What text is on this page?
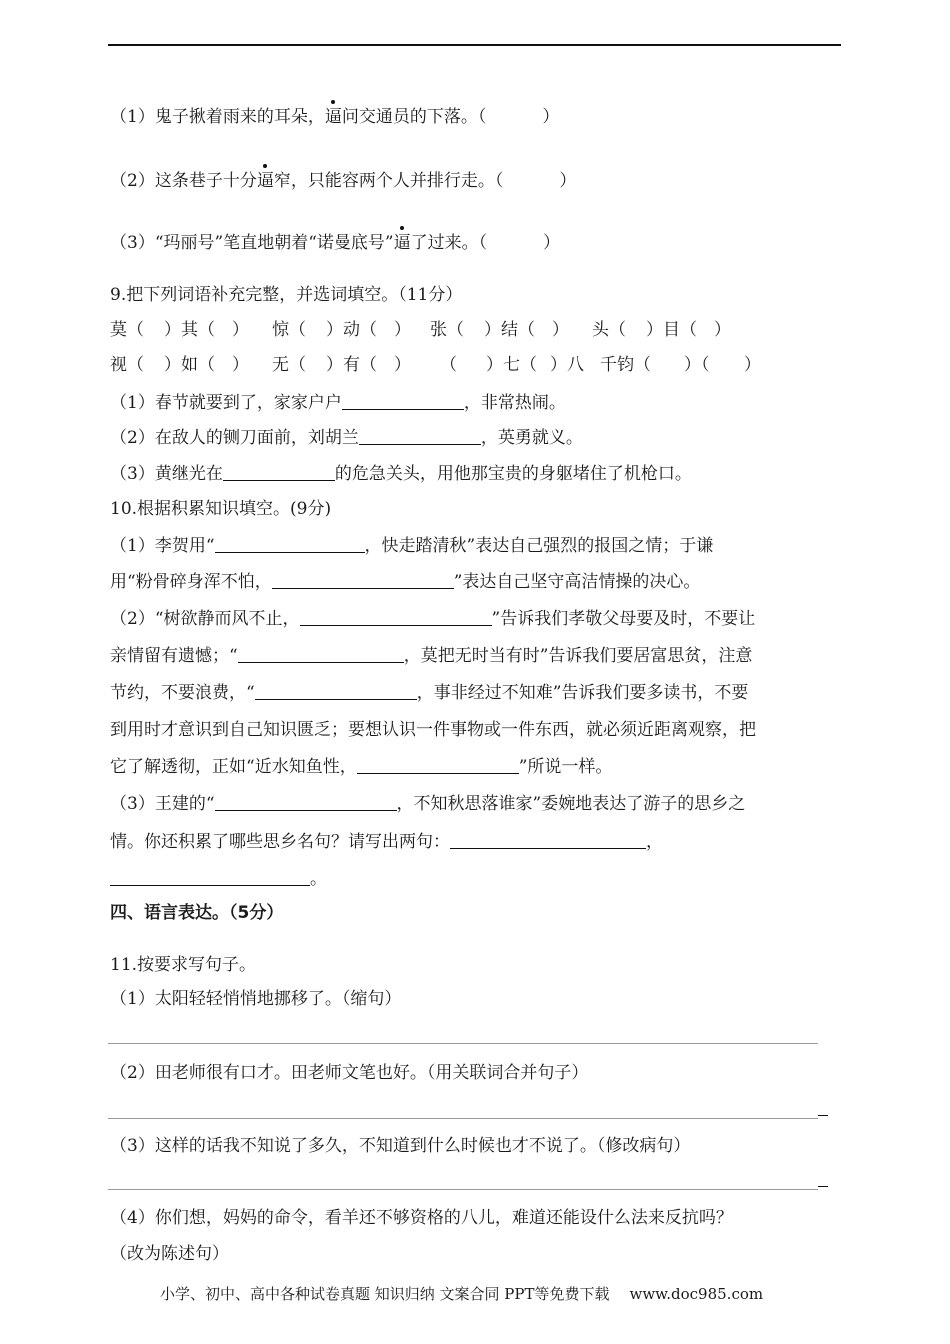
（1）鬼子揪着雨来的耳朵，逼问交通员的下落。（	）
（2）这条巷子十分逼窄，只能容两个人并排行走。（	）
（3）“玛丽号”笔直地朝着“诺曼底号”逼了过来。（	）
9.把下列词语补充完整，并选词填空。（11分）
莫（ ）其（ ） 惊（ ）动（ ） 张（ ）结（ ） 头（ ）目（ ）
视（ ）如（ ） 无（ ）有（ ） （ ）七（ ）八 千钧（ ）（ ）
（1）春节就要到了，家家户户	，非常热闹。
（2）在敌人的铡刀面前，刘胡兰	，英勇就义。
（3）黄继光在	的危急关头，用他那宝贵的身躯堵住了机枪口。
10.根据积累知识填空。(9分)
（1）李贺用“	，快走踏清秋”表达自己强烈的报国之情；于谦
用“粉骨碎身浑不怕，	”表达自己坚守高洁情操的决心。
（2）“树欲静而风不止，	”告诉我们孝敬父母要及时，不要让
亲情留有遗憾；“	，莫把无时当有时”告诉我们要居富思贫，注意
节约，不要浪费，“	，事非经过不知难”告诉我们要多读书，不要
到用时才意识到自己知识匮乏；要想认识一件事物或一件东西，就必须近距离观察，把
它了解透彻，正如“近水知鱼性，	”所说一样。
（3）王建的“	，不知秋思落谁家”委婉地表达了游子的思乡之
情。你还积累了哪些思乡名句？请写出两句：	，
。
四、语言表达。（5分）
11.按要求写句子。
（1）太阳轻轻悄悄地挪移了。（缩句）
（2）田老师很有口才。田老师文笔也好。（用关联词合并句子）
（3）这样的话我不知说了多久，不知道到什么时候也才不说了。（修改病句）
（4）你们想，妈妈的命令，看羊还不够资格的八儿，难道还能设什么法来反抗吗？
（改为陈述句）
小学、初中、高中各种试卷真题 知识归纳 文案合同 PPT等免费下载 www.doc985.com
